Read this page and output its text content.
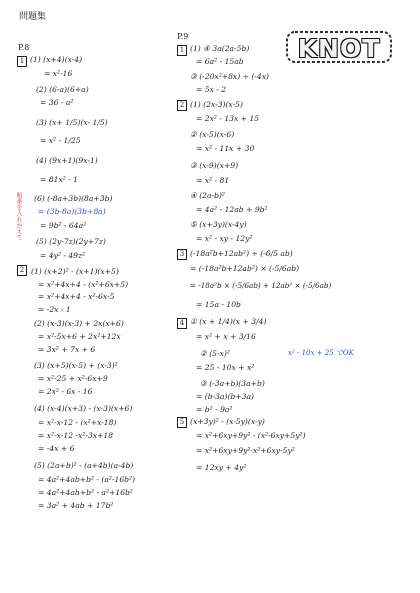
問題集
P.8
P.9	KNOT
1
2
(1) (x+4)(x-4)
= x²-16
(2) (6-a)(6+a)
= 36 - a²
(3) (x+ 1/5)(x- 1/5)
= x² - 1/25
(4) (9x+1)(9x-1)
= 81x² - 1
順番を入れかえて (6) (-8a+3b)(8a+3b)
= (3b-8a)(3b+8a)
= 9b² - 64a²
(5) (2y-7z)(2y+7z)
= 4y² - 49z²
(1) (x+2)² - (x+1)(x+5)
= x²+4x+4 - (x²+6x+5)
= x²+4x+4 - x²-6x-5
= -2x - 1
(2) (x-3)(x-3) + 2x(x+6)
= x²-5x+6 + 2x²+12x
= 3x² + 7x + 6
(3) (x+5)(x-5) + (x-3)²
= x²-25 + x²-6x+9
= 2x² - 6x - 16
(4) (x-4)(x+3) - (x-3)(x+6)
= x²-x-12 - (x²+x-18)
= x²-x-12 -x²-3x+18
= -4x + 6
(5) (2a+b)² - (a+4b)(a-4b)
= 4a²+4ab+b² - (a²-16b²)
= 4a²+4ab+b² - a²+16b²
= 3a² + 4ab + 17b²
1
2
3
4
5
(1) ④ 3a(2a-5b)
= 6a² - 15ab
③ (-20x²+8x) ÷ (-4x)
= 5x - 2
(1) (2x-3)(x-5)
= 2x² - 13x + 15
② (x-5)(x-6)
= x² - 11x + 30
③ (x-9)(x+9)
= x² - 81
④ (2a-b)²
= 4a² - 12ab + 9b²
⑤ (x+3y)(x-4y)
= x² - xy - 12y²
(-18a²b+12ab²) ÷ (-6/5 ab)
= (-18a²b+12ab²) × (-5/6ab)
= -18a²b × (-5/6ab) + 12ab² × (-5/6ab)
= 15a - 10b
① (x + 1/4)(x + 3/4)
= x² + x + 3/16
② (5-x)²
= 25 - 10x + x²
x² - 10x + 25 でOK
③ (-3a+b)(3a+b)
= (b-3a)(b+3a)
= b² - 9a²
(x+3y)² - (x-5y)(x-y)
= x²+6xy+9y² - (x²-6xy+5y²)
= x²+6xy+9y²-x²+6xy-5y²
= 12xy + 4y²
